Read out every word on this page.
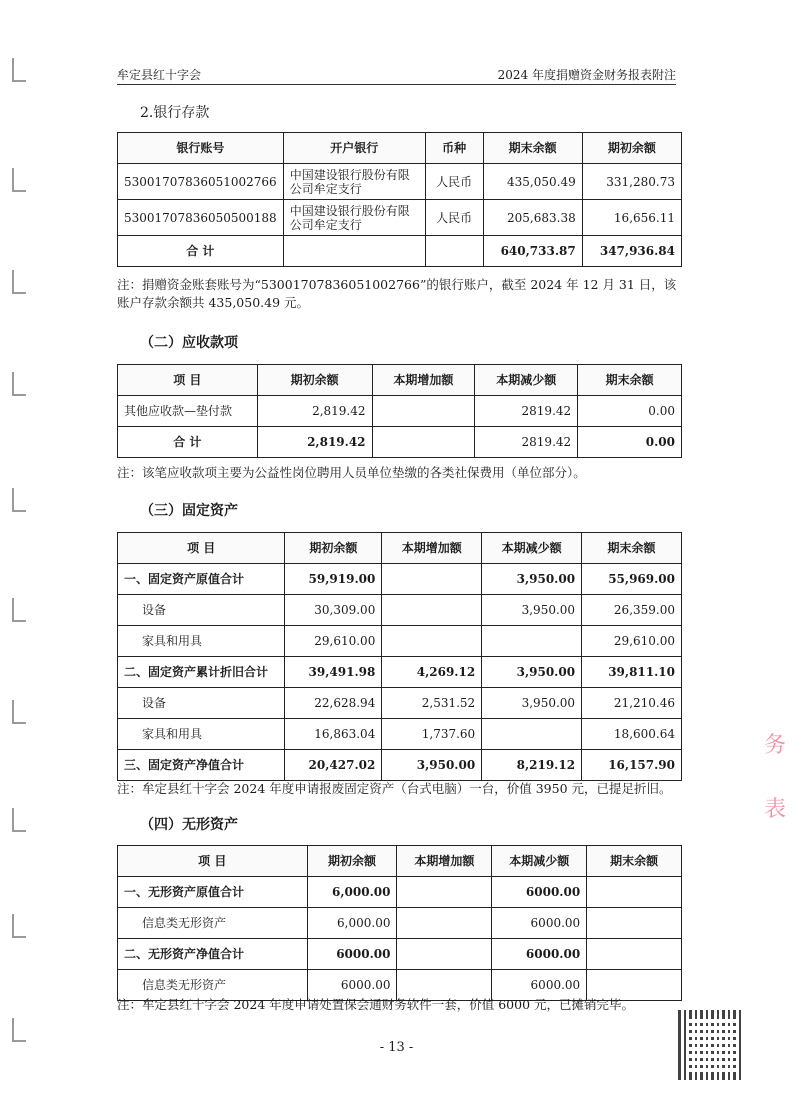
牟定县红十字会	2024 年度捐赠资金财务报表附注
2.银行存款
银行账号	开户银行	币种	期末余额	期初余额
53001707836051002766	中国建设银行股份有限公司牟定支行	人民币	435,050.49	331,280.73
53001707836050500188	中国建设银行股份有限公司牟定支行	人民币	205,683.38	16,656.11
合 计			640,733.87	347,936.84
注：捐赠资金账套账号为“53001707836051002766”的银行账户，截至 2024 年 12 月 31 日，该账户存款余额共 435,050.49 元。
（二）应收款项
项 目	期初余额	本期增加额	本期减少额	期末余额
其他应收款—垫付款	2,819.42		2819.42	0.00
合 计	2,819.42		2819.42	0.00
注：该笔应收款项主要为公益性岗位聘用人员单位垫缴的各类社保费用（单位部分）。
（三）固定资产
项 目	期初余额	本期增加额	本期减少额	期末余额
一、固定资产原值合计	59,919.00		3,950.00	55,969.00
设备	30,309.00		3,950.00	26,359.00
家具和用具	29,610.00			29,610.00
二、固定资产累计折旧合计	39,491.98	4,269.12	3,950.00	39,811.10
设备	22,628.94	2,531.52	3,950.00	21,210.46
家具和用具	16,863.04	1,737.60		18,600.64
三、固定资产净值合计	20,427.02	3,950.00	8,219.12	16,157.90
注：牟定县红十字会 2024 年度申请报废固定资产（台式电脑）一台，价值 3950 元，已提足折旧。
（四）无形资产
项 目	期初余额	本期增加额	本期减少额	期末余额
一、无形资产原值合计	6,000.00		6000.00	
信息类无形资产	6,000.00		6000.00	
二、无形资产净值合计	6000.00		6000.00	
信息类无形资产	6000.00		6000.00	
注：牟定县红十字会 2024 年度申请处置保会通财务软件一套，价值 6000 元，已摊销完毕。
- 13 -
务
表
